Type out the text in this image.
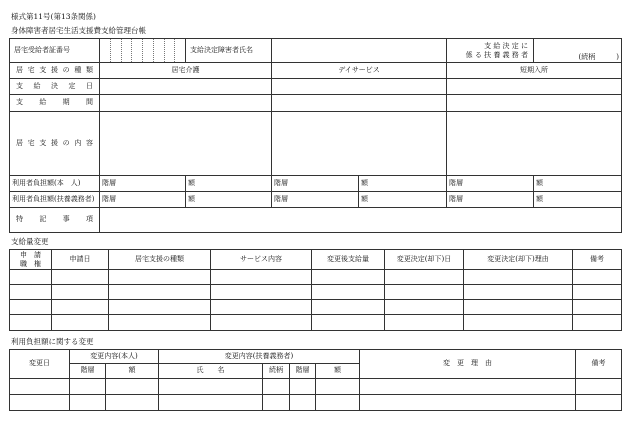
様式第11号(第13条関係)
身体障害者居宅生活支援費支給管理台帳
居宅受給者証番号		支給決定障害者氏名			支 給 決 定 に
係 る 扶 養 義 務 者	(続柄　　　)
居 宅 支 援 の 種 類	居宅介護		デイサービス		短期入所	
支 給 決 定 日						
支 給 期 間						
居 宅 支 援 の 内 容						
利用者負担額(本　人)	階層	額	階層	額	階層	額
利用者負担額(扶養義務者)	階層	額	階層	額	階層	額
特 記 事 項						
支給量変更
申　請
職　権	申請日	居宅支援の種類	サービス内容	変更後支給量	変更決定(却下)日	変更決定(却下)理由	備考

利用負担額に関する変更
変更日	変更内容(本人)		変更内容(扶養義務者)				変　更　理　由	備考
	階層	額	氏　　名	続柄	階層	額		
